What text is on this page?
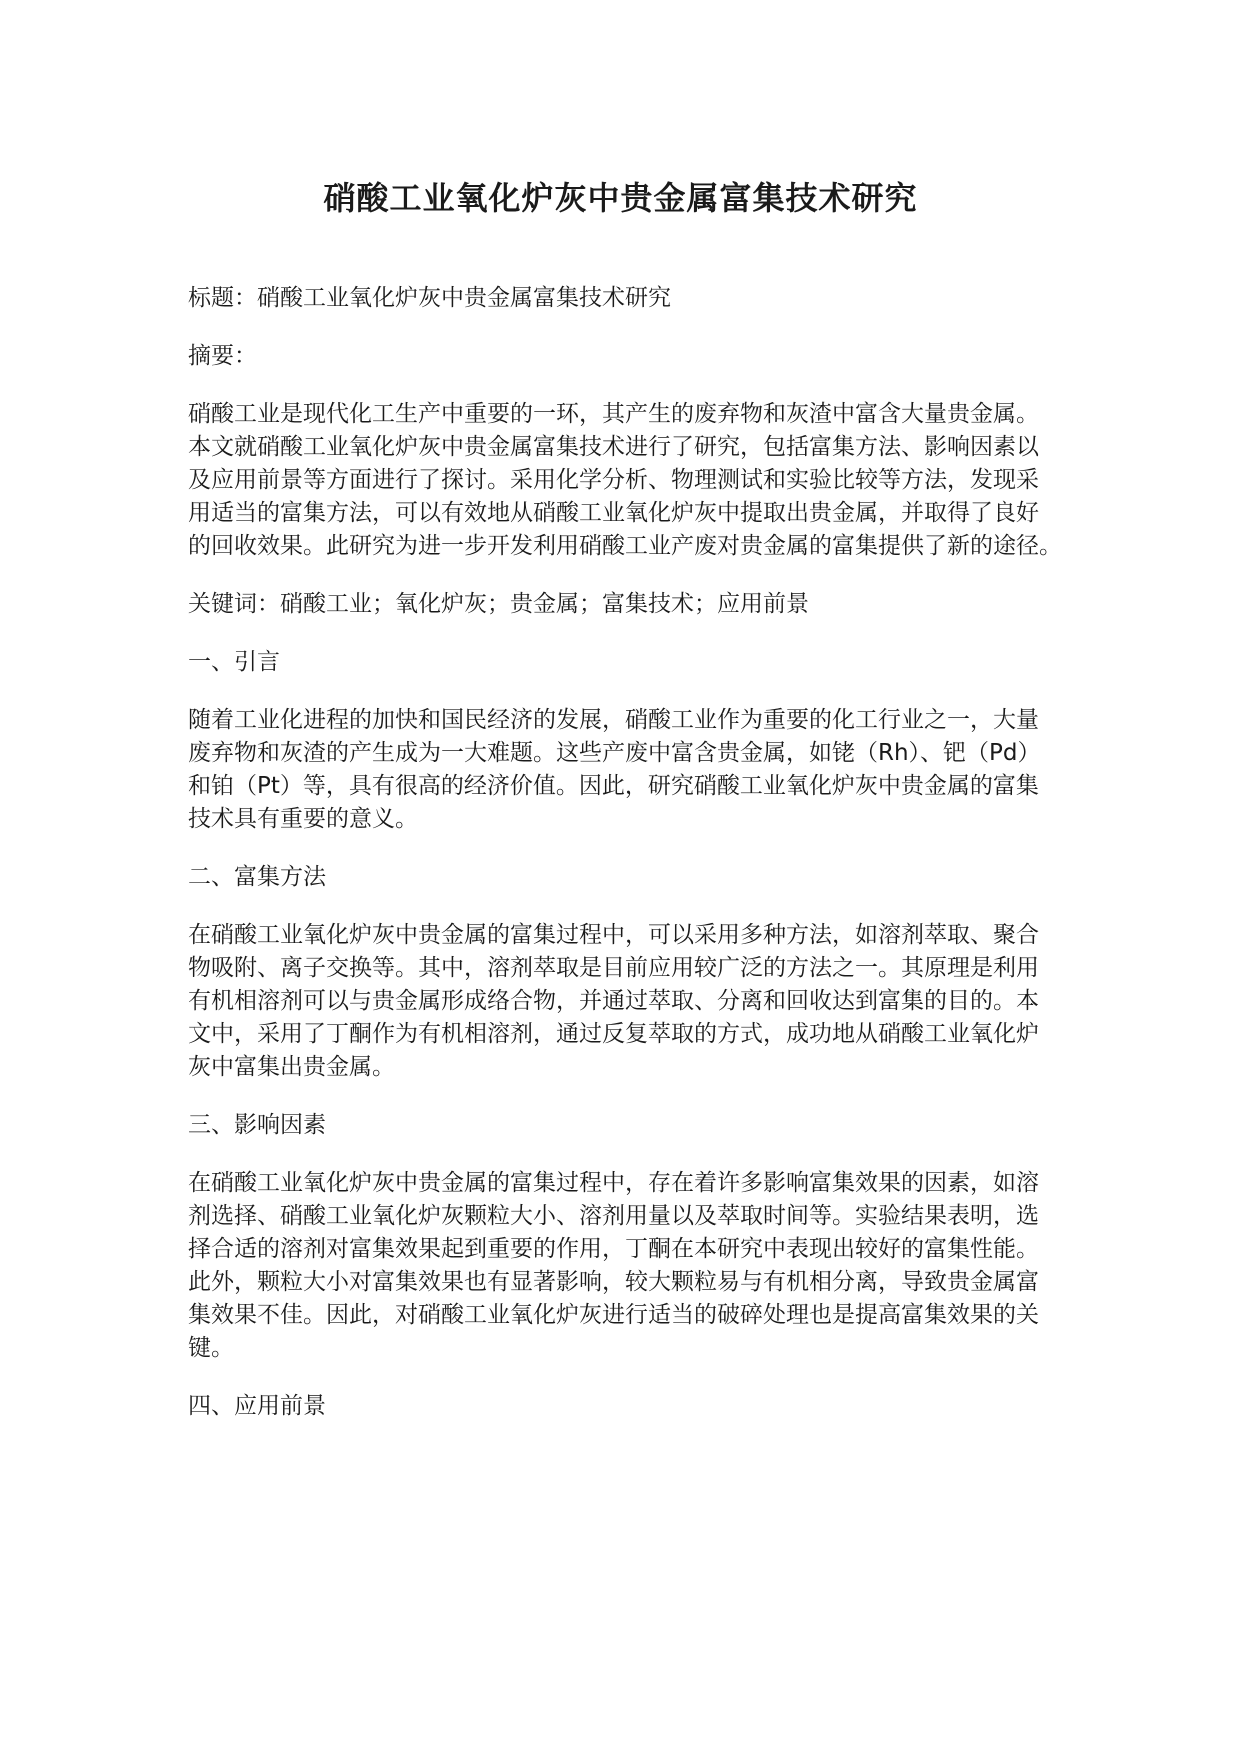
硝酸工业氧化炉灰中贵金属富集技术研究

标题：硝酸工业氧化炉灰中贵金属富集技术研究

摘要：

硝酸工业是现代化工生产中重要的一环，其产生的废弃物和灰渣中富含大量贵金属。
本文就硝酸工业氧化炉灰中贵金属富集技术进行了研究，包括富集方法、影响因素以
及应用前景等方面进行了探讨。采用化学分析、物理测试和实验比较等方法，发现采
用适当的富集方法，可以有效地从硝酸工业氧化炉灰中提取出贵金属，并取得了良好
的回收效果。此研究为进一步开发利用硝酸工业产废对贵金属的富集提供了新的途径。

关键词：硝酸工业；氧化炉灰；贵金属；富集技术；应用前景

一、引言

随着工业化进程的加快和国民经济的发展，硝酸工业作为重要的化工行业之一，大量
废弃物和灰渣的产生成为一大难题。这些产废中富含贵金属，如铑（Rh）、钯（Pd）
和铂（Pt）等，具有很高的经济价值。因此，研究硝酸工业氧化炉灰中贵金属的富集
技术具有重要的意义。

二、富集方法

在硝酸工业氧化炉灰中贵金属的富集过程中，可以采用多种方法，如溶剂萃取、聚合
物吸附、离子交换等。其中，溶剂萃取是目前应用较广泛的方法之一。其原理是利用
有机相溶剂可以与贵金属形成络合物，并通过萃取、分离和回收达到富集的目的。本
文中，采用了丁酮作为有机相溶剂，通过反复萃取的方式，成功地从硝酸工业氧化炉
灰中富集出贵金属。

三、影响因素

在硝酸工业氧化炉灰中贵金属的富集过程中，存在着许多影响富集效果的因素，如溶
剂选择、硝酸工业氧化炉灰颗粒大小、溶剂用量以及萃取时间等。实验结果表明，选
择合适的溶剂对富集效果起到重要的作用，丁酮在本研究中表现出较好的富集性能。
此外，颗粒大小对富集效果也有显著影响，较大颗粒易与有机相分离，导致贵金属富
集效果不佳。因此，对硝酸工业氧化炉灰进行适当的破碎处理也是提高富集效果的关
键。

四、应用前景
